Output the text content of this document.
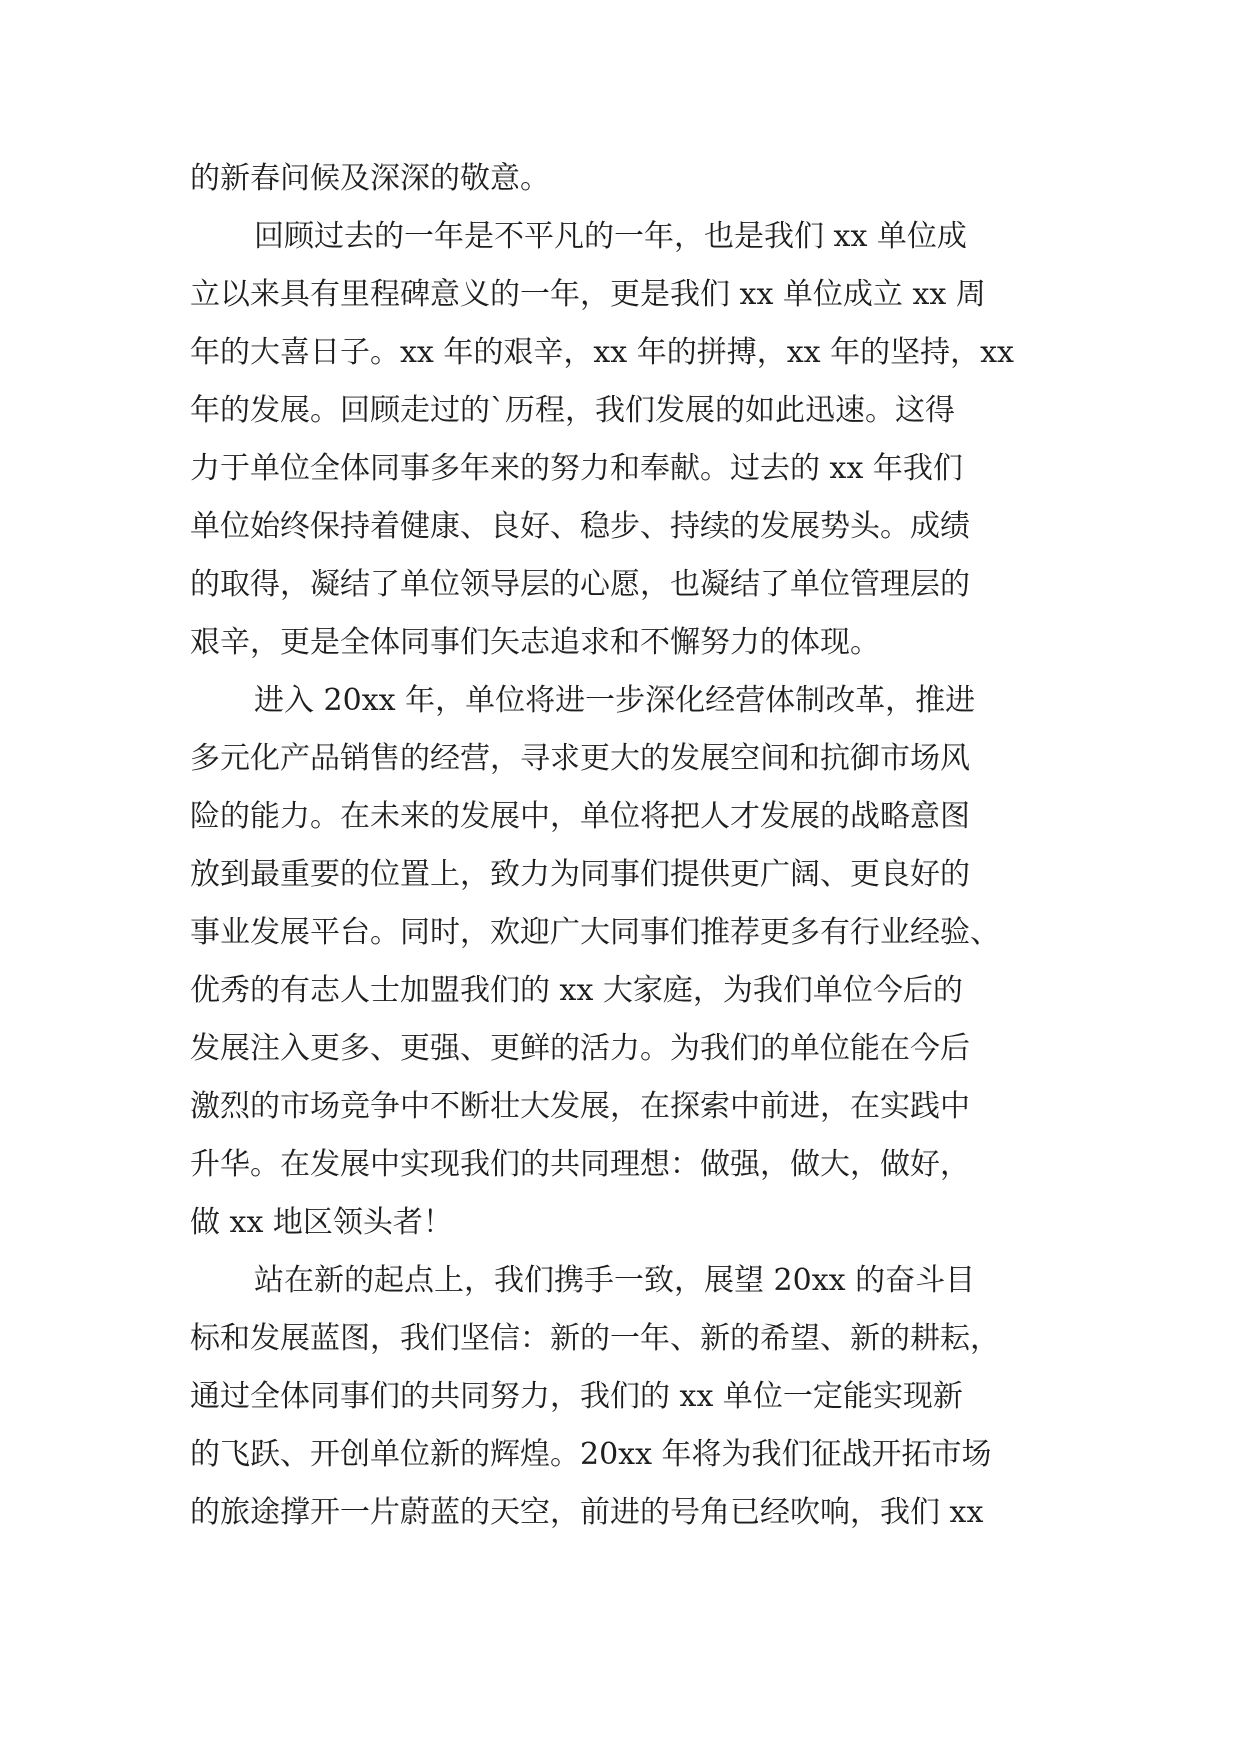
的新春问候及深深的敬意。
回顾过去的一年是不平凡的一年，也是我们 xx 单位成
立以来具有里程碑意义的一年，更是我们 xx 单位成立 xx 周
年的大喜日子。xx 年的艰辛，xx 年的拼搏，xx 年的坚持，xx
年的发展。回顾走过的`历程，我们发展的如此迅速。这得
力于单位全体同事多年来的努力和奉献。过去的 xx 年我们
单位始终保持着健康、良好、稳步、持续的发展势头。成绩
的取得，凝结了单位领导层的心愿，也凝结了单位管理层的
艰辛，更是全体同事们矢志追求和不懈努力的体现。
进入 20xx 年，单位将进一步深化经营体制改革，推进
多元化产品销售的经营，寻求更大的发展空间和抗御市场风
险的能力。在未来的发展中，单位将把人才发展的战略意图
放到最重要的位置上，致力为同事们提供更广阔、更良好的
事业发展平台。同时，欢迎广大同事们推荐更多有行业经验、
优秀的有志人士加盟我们的 xx 大家庭，为我们单位今后的
发展注入更多、更强、更鲜的活力。为我们的单位能在今后
激烈的市场竞争中不断壮大发展，在探索中前进，在实践中
升华。在发展中实现我们的共同理想：做强，做大，做好，
做 xx 地区领头者！
站在新的起点上，我们携手一致，展望 20xx 的奋斗目
标和发展蓝图，我们坚信：新的一年、新的希望、新的耕耘，
通过全体同事们的共同努力，我们的 xx 单位一定能实现新
的飞跃、开创单位新的辉煌。20xx 年将为我们征战开拓市场
的旅途撑开一片蔚蓝的天空，前进的号角已经吹响，我们 xx
